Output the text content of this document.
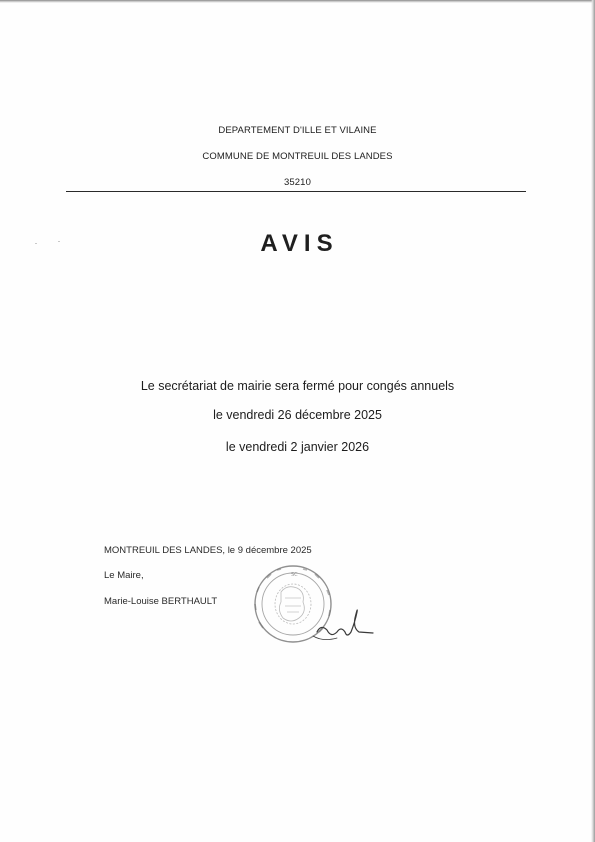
DEPARTEMENT D'ILLE ET VILAINE
COMMUNE DE MONTREUIL DES LANDES
35210
AVIS
Le secrétariat de mairie sera fermé pour congés annuels
le vendredi 26 décembre 2025
le vendredi 2 janvier 2026
MONTREUIL DES LANDES, le 9 décembre 2025
Le Maire,
Marie-Louise BERTHAULT
SC
